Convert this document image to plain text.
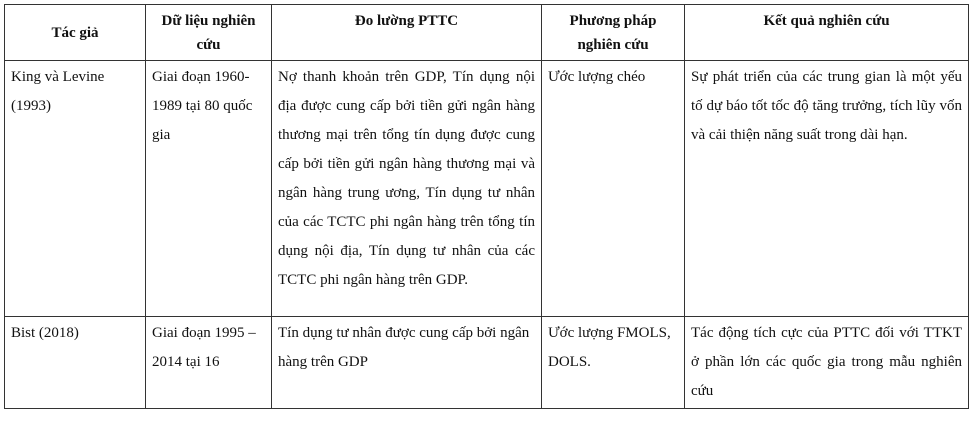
Tác giả	Dữ liệu nghiên cứu	Đo lường PTTC	Phương pháp nghiên cứu	Kết quả nghiên cứu
King và Levine (1993)	Giai đoạn 1960-1989 tại 80 quốc gia	Nợ thanh khoản trên GDP, Tín dụng nội địa được cung cấp bởi tiền gửi ngân hàng thương mại trên tổng tín dụng được cung cấp bởi tiền gửi ngân hàng thương mại và ngân hàng trung ương, Tín dụng tư nhân của các TCTC phi ngân hàng trên tổng tín dụng nội địa, Tín dụng tư nhân của các TCTC phi ngân hàng trên GDP.	Ước lượng chéo	Sự phát triển của các trung gian là một yếu tố dự báo tốt tốc độ tăng trưởng, tích lũy vốn và cải thiện năng suất trong dài hạn.
Bist (2018)	Giai đoạn 1995 – 2014 tại 16	Tín dụng tư nhân được cung cấp bởi ngân hàng trên GDP	Ước lượng FMOLS, DOLS.	Tác động tích cực của PTTC đối với TTKT ở phần lớn các quốc gia trong mẫu nghiên cứu
